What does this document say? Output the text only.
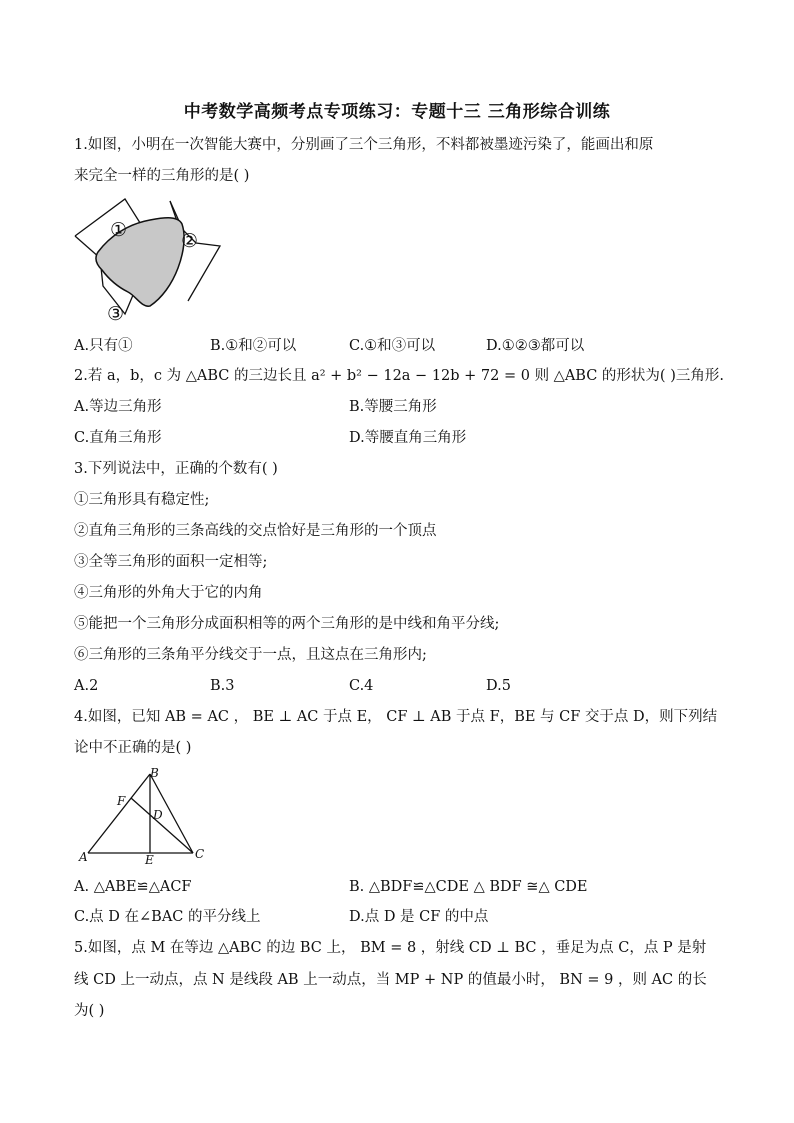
中考数学高频考点专项练习：专题十三 三角形综合训练
1.如图，小明在一次智能大赛中，分别画了三个三角形，不料都被墨迹污染了，能画出和原
来完全一样的三角形的是( )
①	②
③
A.只有①	B.①和②可以	C.①和③可以	D.①②③都可以
2.若 a，b，c 为 △ABC 的三边长且 a² + b² − 12a − 12b + 72 = 0 则 △ABC 的形状为( )三角形.
A.等边三角形	B.等腰三角形
C.直角三角形	D.等腰直角三角形
3.下列说法中，正确的个数有( )
①三角形具有稳定性;
②直角三角形的三条高线的交点恰好是三角形的一个顶点
③全等三角形的面积一定相等;
④三角形的外角大于它的内角
⑤能把一个三角形分成面积相等的两个三角形的是中线和角平分线;
⑥三角形的三条角平分线交于一点，且这点在三角形内;
A.2	B.3	C.4	D.5
4.如图，已知 AB = AC ， BE ⊥ AC 于点 E， CF ⊥ AB 于点 F，BE 与 CF 交于点 D，则下列结
论中不正确的是( )
A
B
C
D
E
F
A. △ABE≌△ACF	B. △BDF≌△CDE △ BDF ≅△ CDE
C.点 D 在∠BAC 的平分线上	D.点 D 是 CF 的中点
5.如图，点 M 在等边 △ABC 的边 BC 上， BM = 8 ，射线 CD ⊥ BC ，垂足为点 C，点 P 是射
线 CD 上一动点，点 N 是线段 AB 上一动点，当 MP + NP 的值最小时， BN = 9 ，则 AC 的长
为( )
